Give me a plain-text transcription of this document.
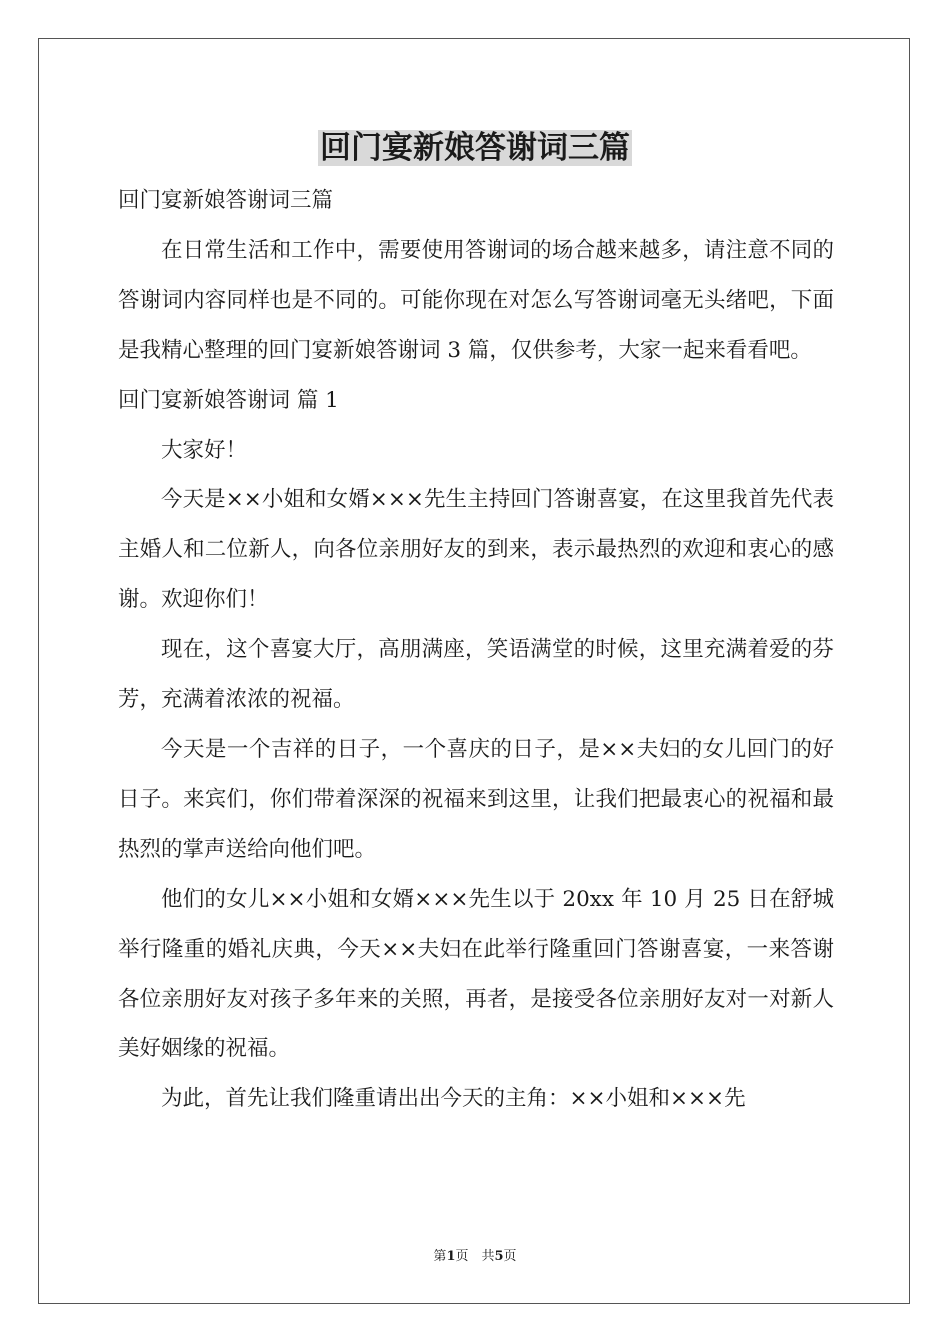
回门宴新娘答谢词三篇

回门宴新娘答谢词三篇

在日常生活和工作中，需要使用答谢词的场合越来越多，请注意不同的答谢词内容同样也是不同的。可能你现在对怎么写答谢词毫无头绪吧，下面是我精心整理的回门宴新娘答谢词 3 篇，仅供参考，大家一起来看看吧。

回门宴新娘答谢词 篇 1

大家好！

今天是××小姐和女婿×××先生主持回门答谢喜宴，在这里我首先代表主婚人和二位新人，向各位亲朋好友的到来，表示最热烈的欢迎和衷心的感谢。欢迎你们！

现在，这个喜宴大厅，高朋满座，笑语满堂的时候，这里充满着爱的芬芳，充满着浓浓的祝福。

今天是一个吉祥的日子，一个喜庆的日子，是××夫妇的女儿回门的好日子。来宾们，你们带着深深的祝福来到这里，让我们把最衷心的祝福和最热烈的掌声送给向他们吧。

他们的女儿××小姐和女婿×××先生以于 20xx 年 10 月 25 日在舒城举行隆重的婚礼庆典，今天××夫妇在此举行隆重回门答谢喜宴，一来答谢各位亲朋好友对孩子多年来的关照，再者，是接受各位亲朋好友对一对新人美好姻缘的祝福。

为此，首先让我们隆重请出出今天的主角：××小姐和×××先

第1页　共5页
